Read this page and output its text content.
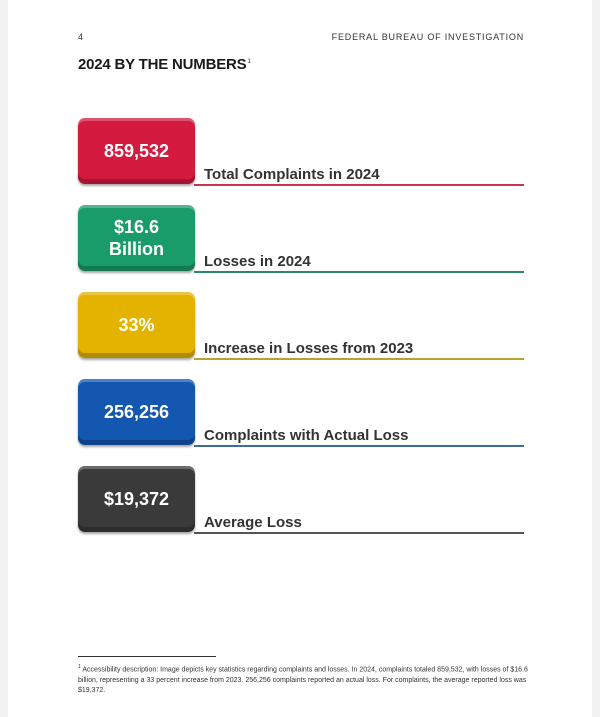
4	FEDERAL BUREAU OF INVESTIGATION
2024 BY THE NUMBERS$^1$
859,532
Total Complaints in 2024
$16.6
Billion
Losses in 2024
33%
Increase in Losses from 2023
256,256
Complaints with Actual Loss
$19,372
Average Loss
$^1$ Accessibility description: Image depicts key statistics regarding complaints and losses. In 2024, complaints totaled 859,532, with losses of $16.6 billion, representing a 33 percent increase from 2023. 256,256 complaints reported an actual loss. For complaints, the average reported loss was $19,372.
